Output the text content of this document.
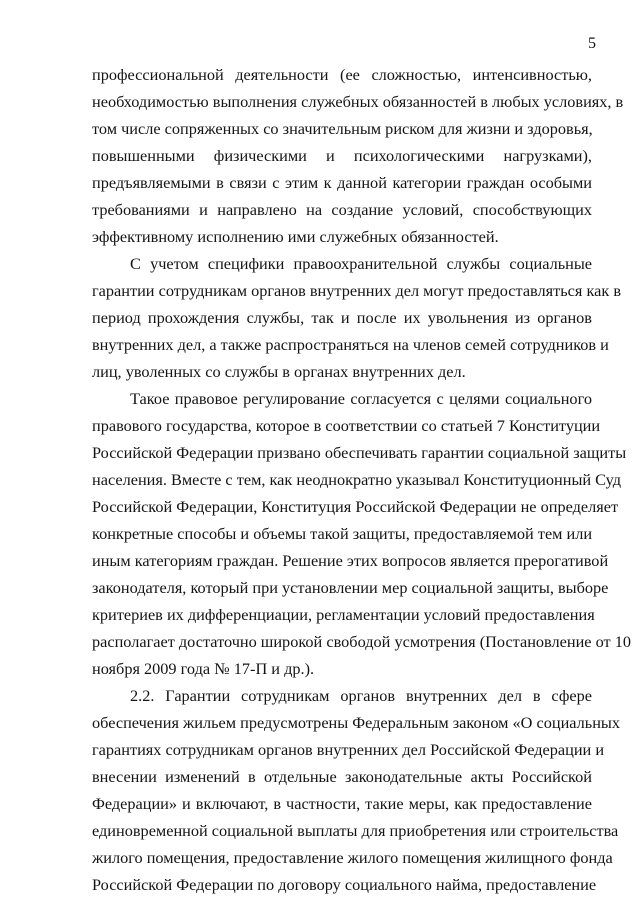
5
профессиональной деятельности (ее сложностью, интенсивностью,
необходимостью выполнения служебных обязанностей в любых условиях, в
том числе сопряженных со значительным риском для жизни и здоровья,
повышенными физическими и психологическими нагрузками),
предъявляемыми в связи с этим к данной категории граждан особыми
требованиями и направлено на создание условий, способствующих
эффективному исполнению ими служебных обязанностей.
С учетом специфики правоохранительной службы социальные
гарантии сотрудникам органов внутренних дел могут предоставляться как в
период прохождения службы, так и после их увольнения из органов
внутренних дел, а также распространяться на членов семей сотрудников и
лиц, уволенных со службы в органах внутренних дел.
Такое правовое регулирование согласуется с целями социального
правового государства, которое в соответствии со статьей 7 Конституции
Российской Федерации призвано обеспечивать гарантии социальной защиты
населения. Вместе с тем, как неоднократно указывал Конституционный Суд
Российской Федерации, Конституция Российской Федерации не определяет
конкретные способы и объемы такой защиты, предоставляемой тем или
иным категориям граждан. Решение этих вопросов является прерогативой
законодателя, который при установлении мер социальной защиты, выборе
критериев их дифференциации, регламентации условий предоставления
располагает достаточно широкой свободой усмотрения (Постановление от 10
ноября 2009 года № 17-П и др.).
2.2. Гарантии сотрудникам органов внутренних дел в сфере
обеспечения жильем предусмотрены Федеральным законом «О социальных
гарантиях сотрудникам органов внутренних дел Российской Федерации и
внесении изменений в отдельные законодательные акты Российской
Федерации» и включают, в частности, такие меры, как предоставление
единовременной социальной выплаты для приобретения или строительства
жилого помещения, предоставление жилого помещения жилищного фонда
Российской Федерации по договору социального найма, предоставление
